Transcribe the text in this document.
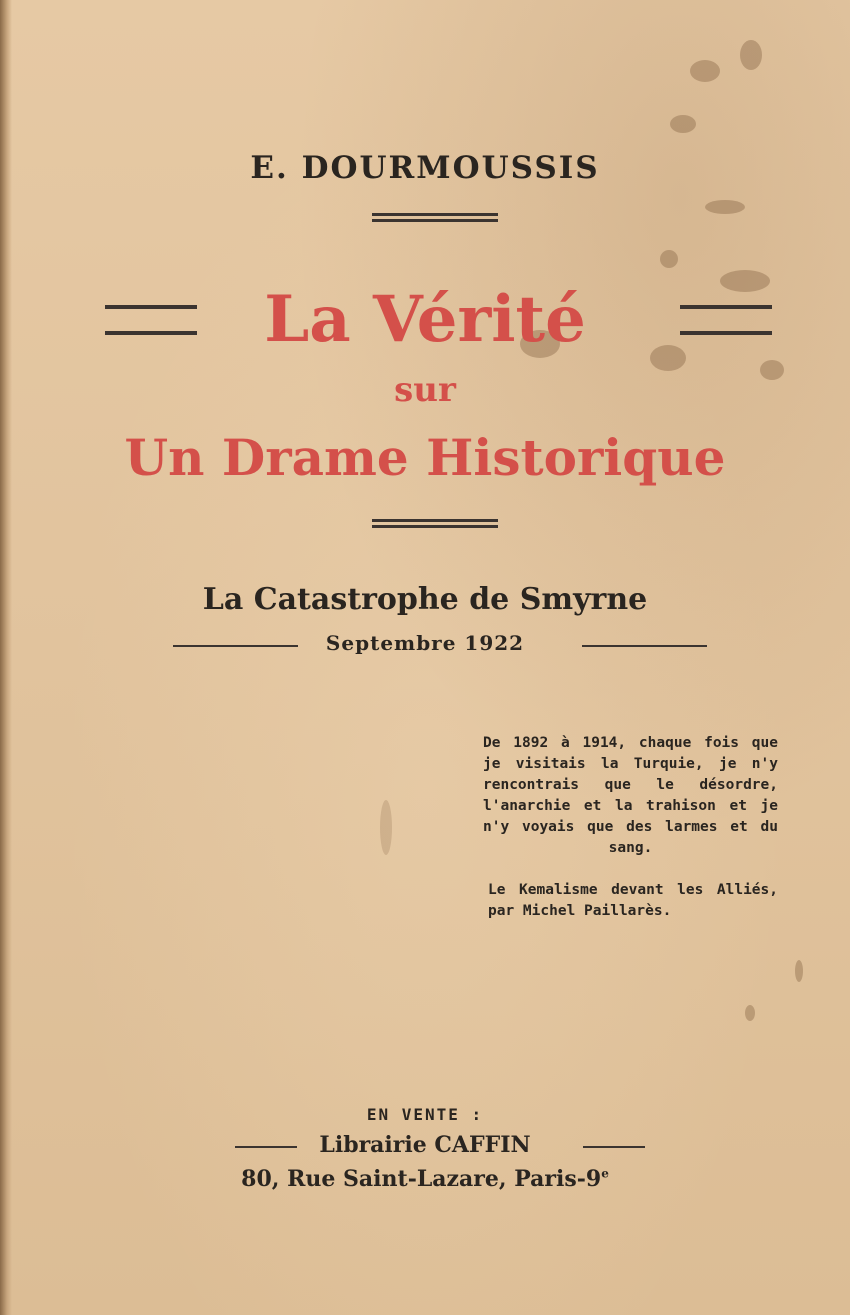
E. DOURMOUSSIS
La Vérité
sur
Un Drame Historique
La Catastrophe de Smyrne
Septembre 1922
De 1892 à 1914, chaque fois que je visitais la Turquie, je n'y rencontrais que le désordre, l'anarchie et la trahison et je n'y voyais que des larmes et du sang.
Le Kemalisme devant les Alliés, par Michel Paillarès.
EN VENTE :
Librairie CAFFIN
80, Rue Saint-Lazare, Paris-9e
